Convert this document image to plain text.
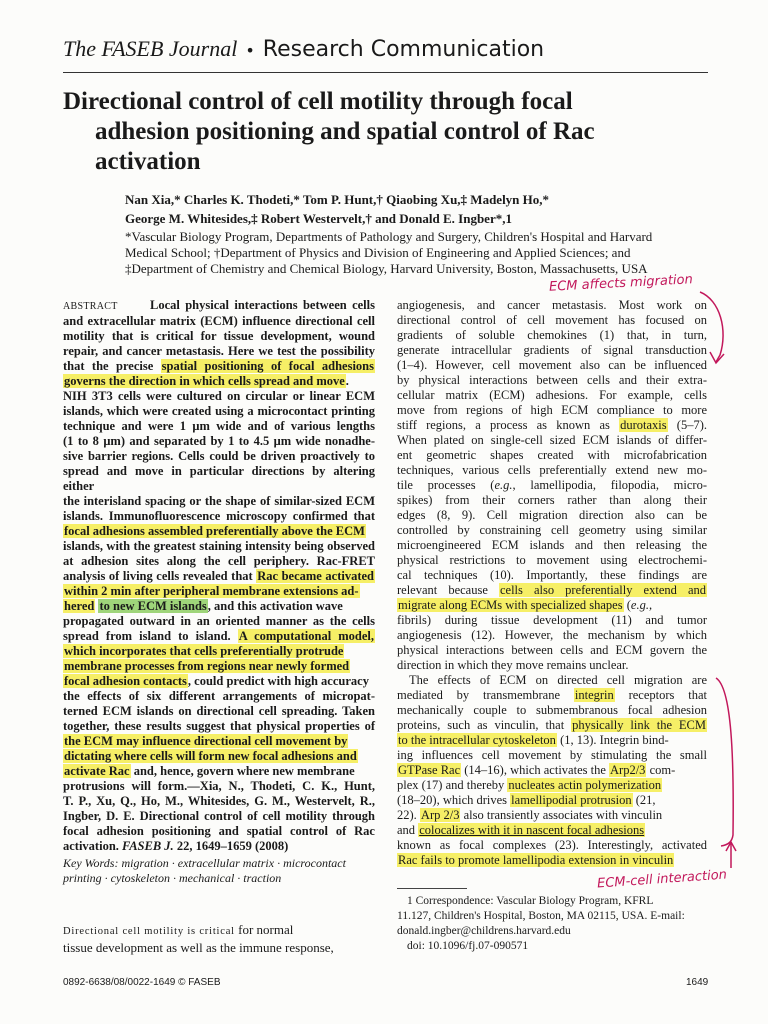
The FASEB Journal • Research Communication
Directional control of cell motility through focal
adhesion positioning and spatial control of Rac
activation
Nan Xia,* Charles K. Thodeti,* Tom P. Hunt,† Qiaobing Xu,‡ Madelyn Ho,*
George M. Whitesides,‡ Robert Westervelt,† and Donald E. Ingber*,1
*Vascular Biology Program, Departments of Pathology and Surgery, Children's Hospital and Harvard
Medical School; †Department of Physics and Division of Engineering and Applied Sciences; and
‡Department of Chemistry and Chemical Biology, Harvard University, Boston, Massachusetts, USA
ABSTRACT	Local physical interactions between cells
and extracellular matrix (ECM) influence directional cell
motility that is critical for tissue development, wound
repair, and cancer metastasis. Here we test the possibility
that the precise spatial positioning of focal adhesions
governs the direction in which cells spread and move.
NIH 3T3 cells were cultured on circular or linear ECM
islands, which were created using a microcontact printing
technique and were 1 μm wide and of various lengths
(1 to 8 μm) and separated by 1 to 4.5 μm wide nonadhe-
sive barrier regions. Cells could be driven proactively to
spread and move in particular directions by altering either
the interisland spacing or the shape of similar-sized ECM
islands. Immunofluorescence microscopy confirmed that
focal adhesions assembled preferentially above the ECM
islands, with the greatest staining intensity being observed
at adhesion sites along the cell periphery. Rac-FRET
analysis of living cells revealed that Rac became activated
within 2 min after peripheral membrane extensions ad-
hered to new ECM islands, and this activation wave
propagated outward in an oriented manner as the cells
spread from island to island. A computational model,
which incorporates that cells preferentially protrude
membrane processes from regions near newly formed
focal adhesion contacts, could predict with high accuracy
the effects of six different arrangements of micropat-
terned ECM islands on directional cell spreading. Taken
together, these results suggest that physical properties of
the ECM may influence directional cell movement by
dictating where cells will form new focal adhesions and
activate Rac and, hence, govern where new membrane
protrusions will form.—Xia, N., Thodeti, C. K., Hunt,
T. P., Xu, Q., Ho, M., Whitesides, G. M., Westervelt, R.,
Ingber, D. E. Directional control of cell motility through
focal adhesion positioning and spatial control of Rac
activation. FASEB J. 22, 1649–1659 (2008)
Key Words: migration · extracellular matrix · microcontact
printing · cytoskeleton · mechanical · traction
Directional cell motility is critical for normal
tissue development as well as the immune response,
angiogenesis, and cancer metastasis. Most work on
directional control of cell movement has focused on
gradients of soluble chemokines (1) that, in turn,
generate intracellular gradients of signal transduction
(1–4). However, cell movement also can be influenced
by physical interactions between cells and their extra-
cellular matrix (ECM) adhesions. For example, cells
move from regions of high ECM compliance to more
stiff regions, a process as known as durotaxis (5–7).
When plated on single-cell sized ECM islands of differ-
ent geometric shapes created with microfabrication
techniques, various cells preferentially extend new mo-
tile processes (e.g., lamellipodia, filopodia, micro-
spikes) from their corners rather than along their
edges (8, 9). Cell migration direction also can be
controlled by constraining cell geometry using similar
microengineered ECM islands and then releasing the
physical restrictions to movement using electrochemi-
cal techniques (10). Importantly, these findings are
relevant because cells also preferentially extend and
migrate along ECMs with specialized shapes (e.g.,
fibrils) during tissue development (11) and tumor
angiogenesis (12). However, the mechanism by which
physical interactions between cells and ECM govern the
direction in which they move remains unclear.
The effects of ECM on directed cell migration are
mediated by transmembrane integrin receptors that
mechanically couple to submembranous focal adhesion
proteins, such as vinculin, that physically link the ECM
to the intracellular cytoskeleton (1, 13). Integrin bind-
ing influences cell movement by stimulating the small
GTPase Rac (14–16), which activates the Arp2/3 com-
plex (17) and thereby nucleates actin polymerization
(18–20), which drives lamellipodial protrusion (21,
22). Arp 2/3 also transiently associates with vinculin
and colocalizes with it in nascent focal adhesions
known as focal complexes (23). Interestingly, activated
Rac fails to promote lamellipodia extension in vinculin
1 Correspondence: Vascular Biology Program, KFRL
11.127, Children's Hospital, Boston, MA 02115, USA. E-mail:
donald.ingber@childrens.harvard.edu
doi: 10.1096/fj.07-090571
0892-6638/08/0022-1649 © FASEB	1649
ECM affects migration
ECM-cell interaction
